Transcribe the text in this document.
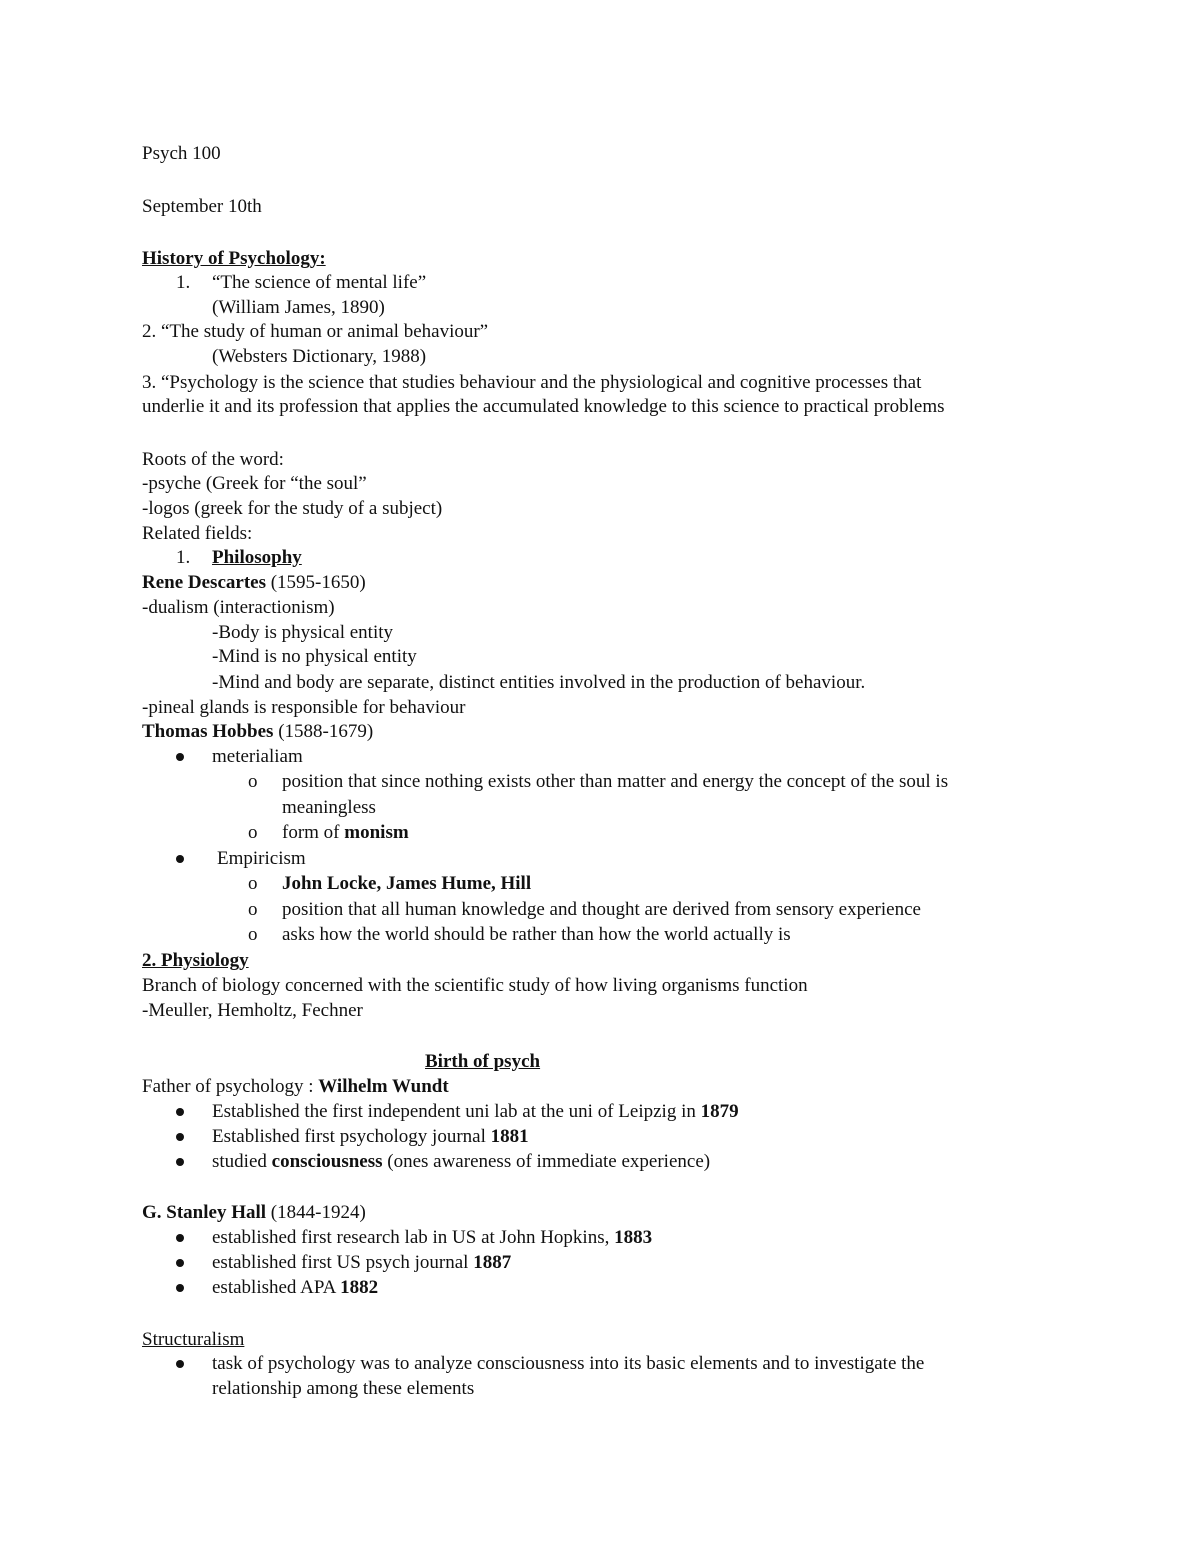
Psych 100
September 10th
History of Psychology:
1. “The science of mental life”
(William James, 1890)
2. “The study of human or animal behaviour”
(Websters Dictionary, 1988)
3. “Psychology is the science that studies behaviour and the physiological and cognitive processes that
underlie it and its profession that applies the accumulated knowledge to this science to practical problems
Roots of the word:
-psyche (Greek for “the soul”
-logos (greek for the study of a subject)
Related fields:
1. Philosophy
Rene Descartes (1595-1650)
-dualism (interactionism)
-Body is physical entity
-Mind is no physical entity
-Mind and body are separate, distinct entities involved in the production of behaviour.
-pineal glands is responsible for behaviour
Thomas Hobbes (1588-1679)
meterialiam
o position that since nothing exists other than matter and energy the concept of the soul is
meaningless
o form of monism
Empiricism
o John Locke, James Hume, Hill
o position that all human knowledge and thought are derived from sensory experience
o asks how the world should be rather than how the world actually is
2. Physiology
Branch of biology concerned with the scientific study of how living organisms function
-Meuller, Hemholtz, Fechner
Birth of psych
Father of psychology : Wilhelm Wundt
Established the first independent uni lab at the uni of Leipzig in 1879
Established first psychology journal 1881
studied consciousness (ones awareness of immediate experience)
G. Stanley Hall (1844-1924)
established first research lab in US at John Hopkins, 1883
established first US psych journal 1887
established APA 1882
Structuralism
task of psychology was to analyze consciousness into its basic elements and to investigate the
relationship among these elements
